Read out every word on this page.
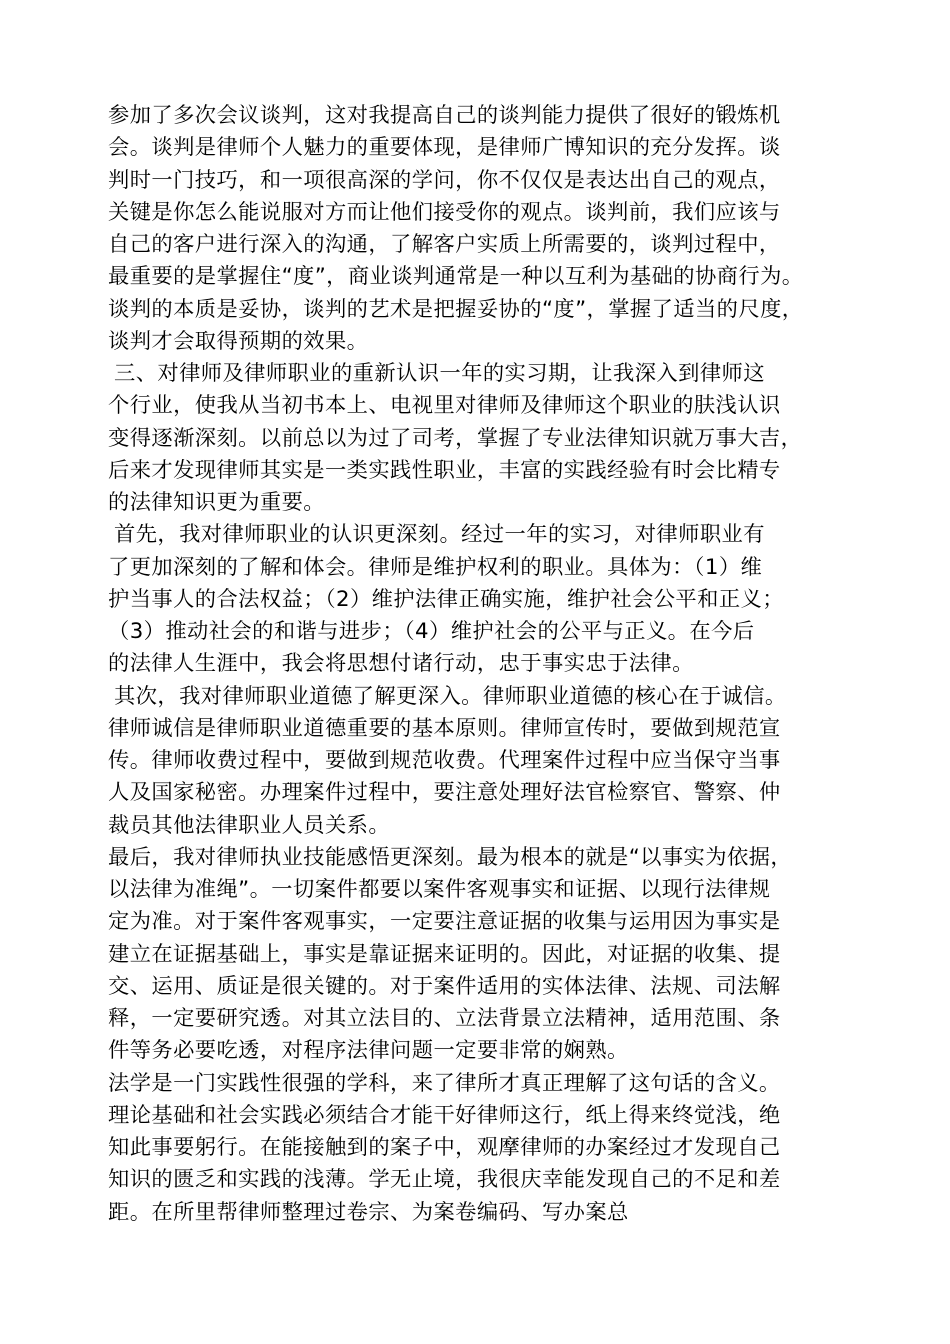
参加了多次会议谈判，这对我提高自己的谈判能力提供了很好的锻炼机
会。谈判是律师个人魅力的重要体现，是律师广博知识的充分发挥。谈
判时一门技巧，和一项很高深的学问，你不仅仅是表达出自己的观点，
关键是你怎么能说服对方而让他们接受你的观点。谈判前，我们应该与
自己的客户进行深入的沟通，了解客户实质上所需要的，谈判过程中，
最重要的是掌握住“度”，商业谈判通常是一种以互利为基础的协商行为。
谈判的本质是妥协，谈判的艺术是把握妥协的“度”，掌握了适当的尺度，
谈判才会取得预期的效果。
三、对律师及律师职业的重新认识一年的实习期，让我深入到律师这
个行业，使我从当初书本上、电视里对律师及律师这个职业的肤浅认识
变得逐渐深刻。以前总以为过了司考，掌握了专业法律知识就万事大吉，
后来才发现律师其实是一类实践性职业，丰富的实践经验有时会比精专
的法律知识更为重要。
首先，我对律师职业的认识更深刻。经过一年的实习，对律师职业有
了更加深刻的了解和体会。律师是维护权利的职业。具体为：（1）维
护当事人的合法权益；（2）维护法律正确实施，维护社会公平和正义；
（3）推动社会的和谐与进步；（4）维护社会的公平与正义。在今后
的法律人生涯中，我会将思想付诸行动，忠于事实忠于法律。
其次，我对律师职业道德了解更深入。律师职业道德的核心在于诚信。
律师诚信是律师职业道德重要的基本原则。律师宣传时，要做到规范宣
传。律师收费过程中，要做到规范收费。代理案件过程中应当保守当事
人及国家秘密。办理案件过程中，要注意处理好法官检察官、警察、仲
裁员其他法律职业人员关系。
最后，我对律师执业技能感悟更深刻。最为根本的就是“以事实为依据，
以法律为准绳”。一切案件都要以案件客观事实和证据、以现行法律规
定为准。对于案件客观事实，一定要注意证据的收集与运用因为事实是
建立在证据基础上，事实是靠证据来证明的。因此，对证据的收集、提
交、运用、质证是很关键的。对于案件适用的实体法律、法规、司法解
释，一定要研究透。对其立法目的、立法背景立法精神，适用范围、条
件等务必要吃透，对程序法律问题一定要非常的娴熟。
法学是一门实践性很强的学科，来了律所才真正理解了这句话的含义。
理论基础和社会实践必须结合才能干好律师这行，纸上得来终觉浅，绝
知此事要躬行。在能接触到的案子中，观摩律师的办案经过才发现自己
知识的匮乏和实践的浅薄。学无止境，我很庆幸能发现自己的不足和差
距。在所里帮律师整理过卷宗、为案卷编码、写办案总
